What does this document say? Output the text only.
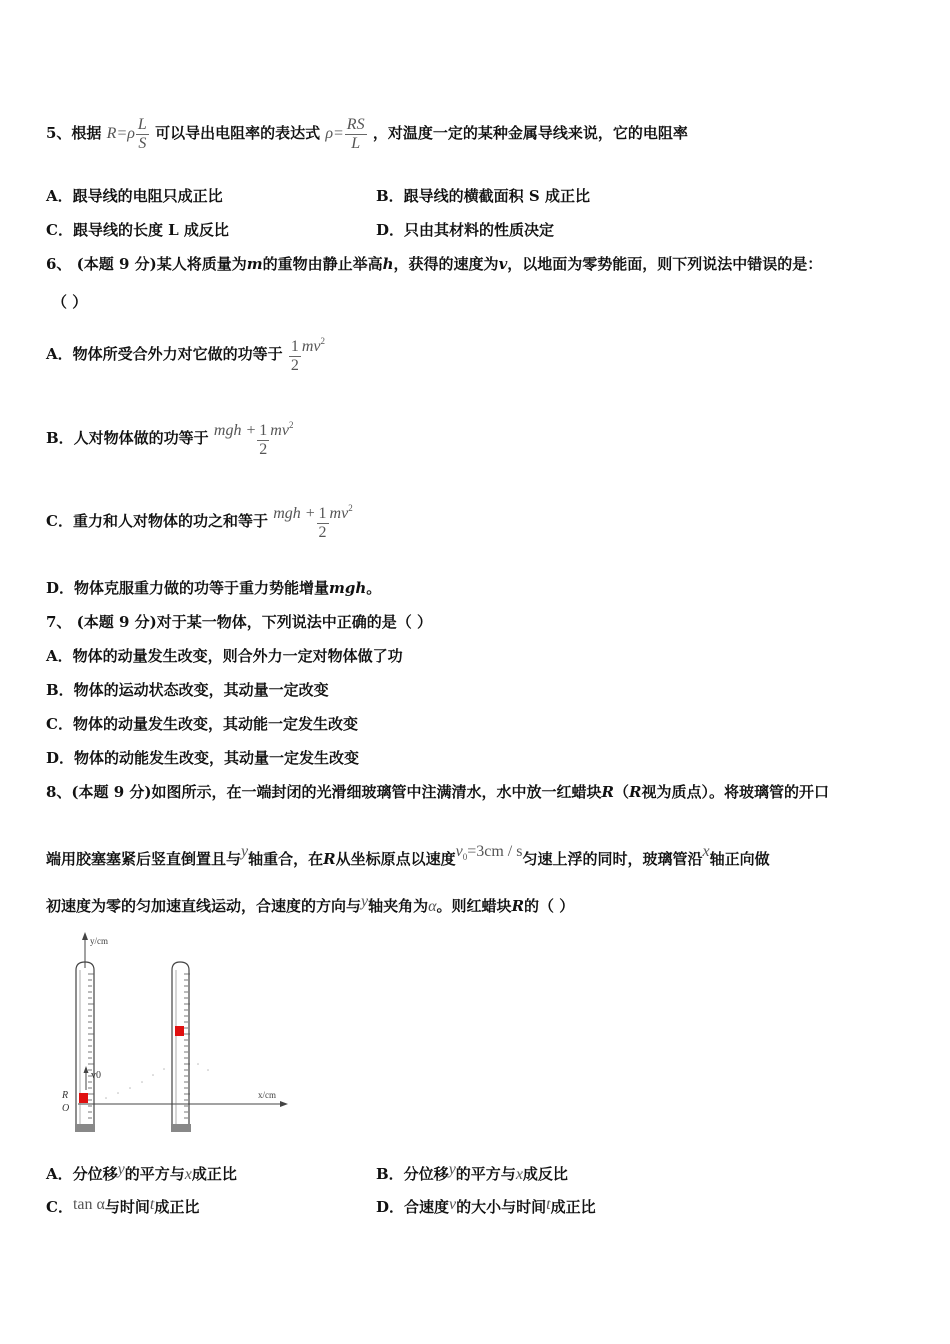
5、根据 $R=\rho \frac{L}{S}$ 可以导出电阻率的表达式 $\rho= \frac{RS}{L}$ ，对温度一定的某种金属导线来说，它的电阻率
A．跟导线的电阻只成正比	B．跟导线的横截面积 S 成正比
C．跟导线的长度 L 成反比	D．只由其材料的性质决定
6、 (本题 9 分)某人将质量为m的重物由静止举高h，获得的速度为v，以地面为零势能面，则下列说法中错误的是：
（ ）
A．物体所受合外力对它做的功等于 $\frac{1}{2} mv^2$
B．人对物体做的功等于 mgh + $\frac{1}{2} mv^2$
C．重力和人对物体的功之和等于 mgh + $\frac{1}{2} mv^2$
D．物体克服重力做的功等于重力势能增量mgh。
7、 (本题 9 分)对于某一物体，下列说法中正确的是（ ）
A．物体的动量发生改变，则合外力一定对物体做了功
B．物体的运动状态改变，其动量一定改变
C．物体的动量发生改变，其动能一定发生改变
D．物体的动能发生改变，其动量一定发生改变
8、(本题 9 分)如图所示，在一端封闭的光滑细玻璃管中注满清水，水中放一红蜡块R（R视为质点）。将玻璃管的开口
端用胶塞塞紧后竖直倒置且与y轴重合，在R从坐标原点以速度$v_0=3cm / s$匀速上浮的同时，玻璃管沿x轴正向做
初速度为零的匀加速直线运动，合速度的方向与y轴夹角为α。则红蜡块R的（ ）
y/cm
x/cm
v0
R
O
A．分位移y的平方与x成正比	B．分位移y的平方与x成反比
C．tan α与时间t成正比	D．合速度v的大小与时间t成正比
